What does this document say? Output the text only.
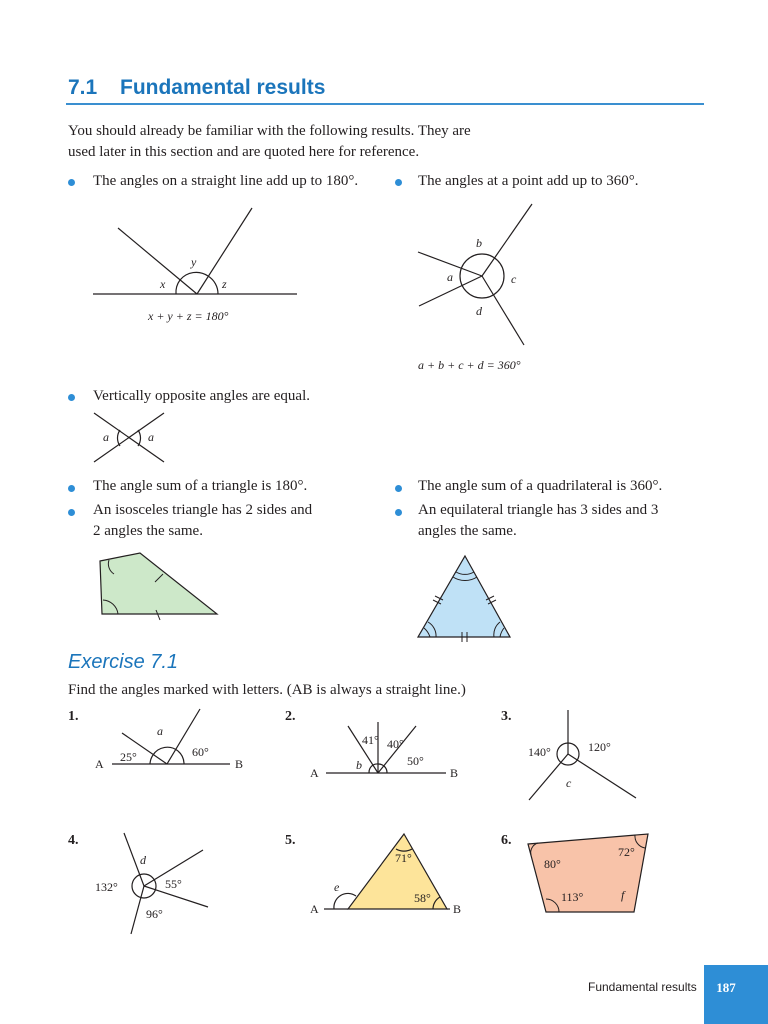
7.1 Fundamental results
You should already be familiar with the following results. They are
used later in this section and are quoted here for reference.
The angles on a straight line add up to 180°.	The angles at a point add up to 360°.
x
y
z
x + y + z = 180°
b
a	c
d
a + b + c + d = 360°
Vertically opposite angles are equal.
a	a
The angle sum of a triangle is 180°.
An isosceles triangle has 2 sides and
2 angles the same.
The angle sum of a quadrilateral is 360°.
An equilateral triangle has 3 sides and 3
angles the same.
Exercise 7.1
Find the angles marked with letters. (AB is always a straight line.)
1.
a
25°	60°
A	B
2.
41° 40°
b	50°
A	B
3.
140°	120°
c
4.
d
132°	55°
96°
5.
71°
e
58°
A	B
6.
80°
72°
113°	f
Fundamental results	187
